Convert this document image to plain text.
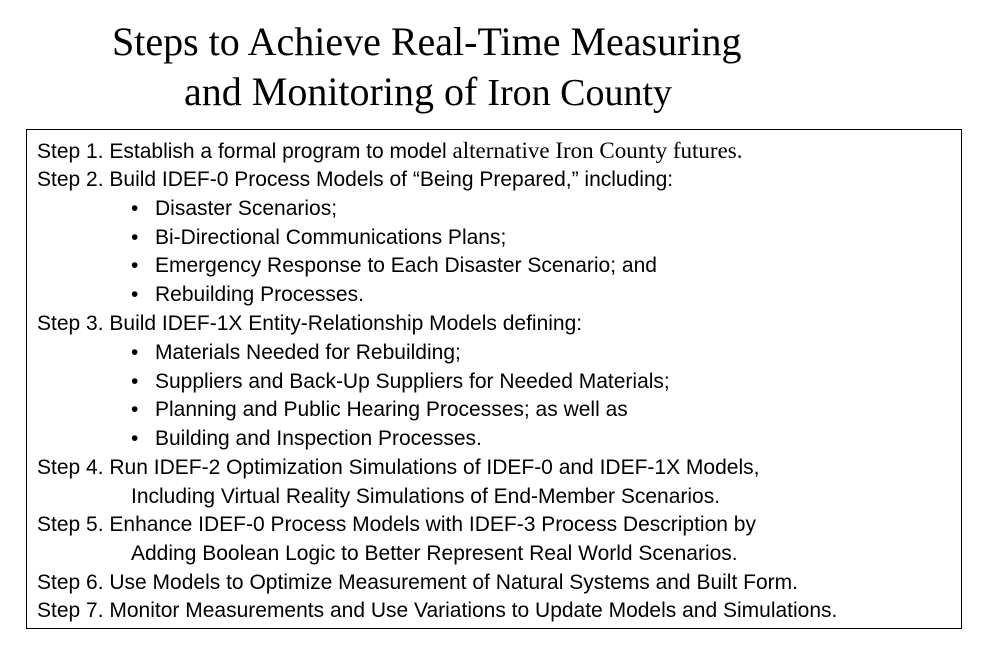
Steps to Achieve Real-Time Measuring
and Monitoring of Iron County
Step 1. Establish a formal program to model alternative Iron County futures.
Step 2. Build IDEF-0 Process Models of “Being Prepared,” including:
• Disaster Scenarios;
• Bi-Directional Communications Plans;
• Emergency Response to Each Disaster Scenario; and
• Rebuilding Processes.
Step 3. Build IDEF-1X Entity-Relationship Models defining:
• Materials Needed for Rebuilding;
• Suppliers and Back-Up Suppliers for Needed Materials;
• Planning and Public Hearing Processes; as well as
• Building and Inspection Processes.
Step 4. Run IDEF-2 Optimization Simulations of IDEF-0 and IDEF-1X Models,
Including Virtual Reality Simulations of End-Member Scenarios.
Step 5. Enhance IDEF-0 Process Models with IDEF-3 Process Description by
Adding Boolean Logic to Better Represent Real World Scenarios.
Step 6. Use Models to Optimize Measurement of Natural Systems and Built Form.
Step 7. Monitor Measurements and Use Variations to Update Models and Simulations.
